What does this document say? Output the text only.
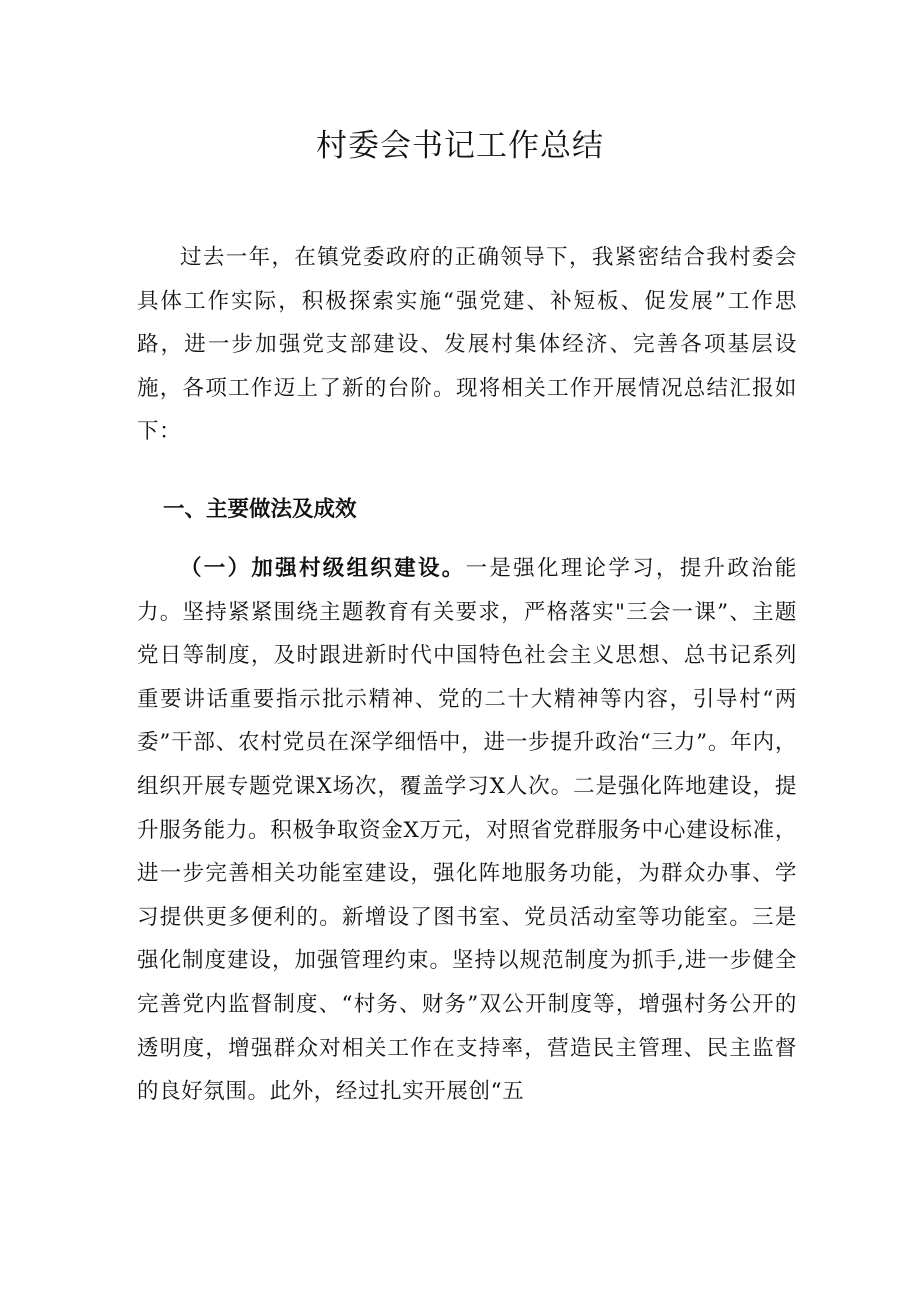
村委会书记工作总结

过去一年，在镇党委政府的正确领导下，我紧密结合我村委会具体工作实际，积极探索实施“强党建、补短板、促发展”工作思路，进一步加强党支部建设、发展村集体经济、完善各项基层设施，各项工作迈上了新的台阶。现将相关工作开展情况总结汇报如下：

一、主要做法及成效

（一）加强村级组织建设。一是强化理论学习，提升政治能力。坚持紧紧围绕主题教育有关要求，严格落实"三会一课”、主题党日等制度，及时跟进新时代中国特色社会主义思想、总书记系列重要讲话重要指示批示精神、党的二十大精神等内容，引导村“两委”干部、农村党员在深学细悟中，进一步提升政治“三力”。年内，组织开展专题党课X场次，覆盖学习X人次。二是强化阵地建设，提升服务能力。积极争取资金X万元，对照省党群服务中心建设标准，进一步完善相关功能室建设，强化阵地服务功能，为群众办事、学习提供更多便利的。新增设了图书室、党员活动室等功能室。三是强化制度建设，加强管理约束。坚持以规范制度为抓手,进一步健全完善党内监督制度、“村务、财务”双公开制度等，增强村务公开的透明度，增强群众对相关工作在支持率，营造民主管理、民主监督的良好氛围。此外，经过扎实开展创“五
